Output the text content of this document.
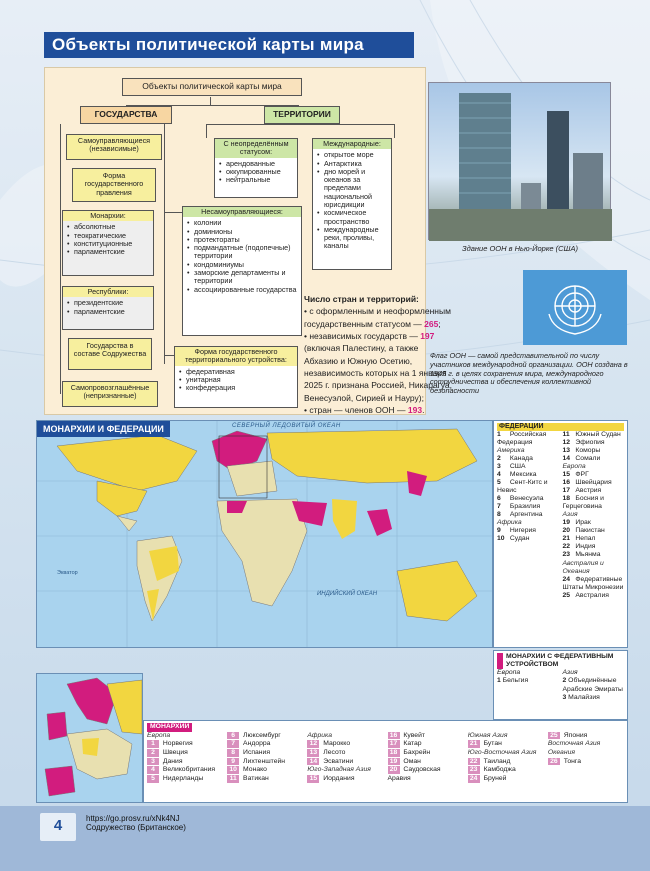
Объекты политической карты мира
Объекты политической карты мира
ГОСУДАРСТВА	ТЕРРИТОРИИ
Самоуправляющиеся (независимые)
Форма государственного правления
Монархии:
• абсолютные
• теократические
• конституционные
• парламентские
Республики:
• президентские
• парламентские
Государства в составе Содружества
Самопровозглашённые (непризнанные)
С неопределённым статусом:
• арендованные
• оккупированные
• нейтральные
Международные:
• открытое море
• Антарктика
• дно морей и океанов за пределами национальной юрисдикции
• космическое пространство
• международные реки, проливы, каналы
Несамоуправляющиеся:
• колонии
• доминионы
• протектораты
• подмандатные (подопечные) территории
• кондоминиумы
• заморские департаменты и территории
• ассоциированные государства
Форма государственного территориального устройства:
• федеративная
• унитарная
• конфедерация
Здание ООН в Нью-Йорке (США)
Флаг ООН — самой представительной по числу участников международной организации. ООН создана в 1945 г. в целях сохранения мира, международного сотрудничества и обеспечения коллективной безопасности
Число стран и территорий:
• с оформленным и неоформленным государственным статусом — 265;
• независимых государств — 197 (включая Палестину, а также Абхазию и Южную Осетию, независимость которых на 1 января 2025 г. признана Россией, Никарагуа, Венесуэлой, Сирией и Науру);
• стран — членов ООН — 193.
МОНАРХИИ И ФЕДЕРАЦИИ	СЕВЕРНЫЙ ЛЕДОВИТЫЙ ОКЕАН
ИНДИЙСКИЙ ОКЕАН
Экватор
ФЕДЕРАЦИИ
1 Российская Федерация
Америка
2 Канада
3 США
4 Мексика
5 Сент-Китс и Невис
6 Венесуэла
7 Бразилия
8 Аргентина
Африка
9 Нигерия
10 Судан
11 Южный Судан
12 Эфиопия
13 Коморы
14 Сомали
Европа
15 ФРГ
16 Швейцария
17 Австрия
18 Босния и Герцеговина
Азия
19 Ирак
20 Пакистан
21 Непал
22 Индия
23 Мьянма
Австралия и Океания
24 Федеративные Штаты Микронезии
25 Австралия
МОНАРХИИ С ФЕДЕРАТИВНЫМ УСТРОЙСТВОМ
Европа
1 Бельгия
Азия
2 Объединённые Арабские Эмираты
3 Малайзия
МОНАРХИИ
Европа
1 Норвегия
2 Швеция
3 Дания
4 Великобритания
5 Нидерланды
6 Люксембург
7 Андорра
8 Испания
9 Лихтенштейн
10 Монако
11 Ватикан
Африка
12 Марокко
13 Лесото
14 Эсватини
Юго-Западная Азия
15 Иордания
16 Кувейт
17 Катар
18 Бахрейн
19 Оман
20 Саудовская Аравия
Южная Азия
21 Бутан
Юго-Восточная Азия
22 Таиланд
23 Камбоджа
24 Бруней
25 Япония
Восточная Азия
Океания
26 Тонга
4	https://go.prosv.ru/xNk4NJ
Содружество (Британское)
